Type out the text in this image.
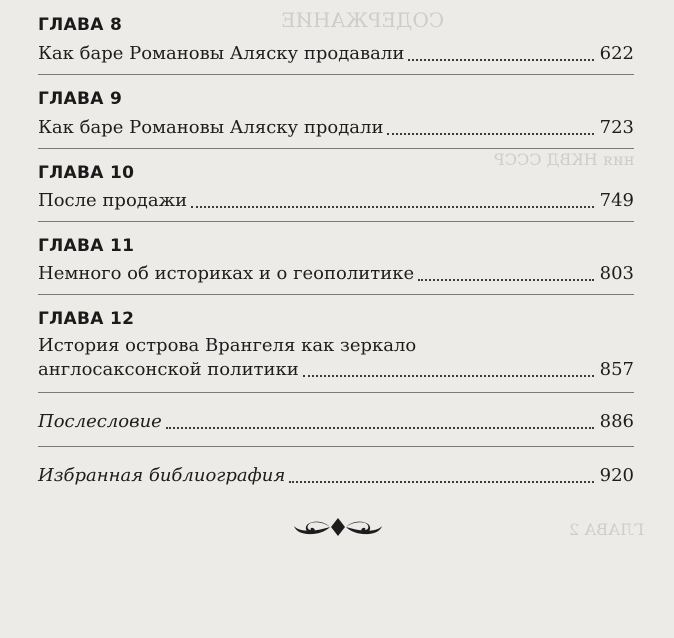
СОДЕРЖАНИЕ
ния НКВД СССР
ГЛАВА 2
ГЛАВА 8
Как баре Романовы Аляску продавали	622
ГЛАВА 9
Как баре Романовы Аляску продали	723
ГЛАВА 10
После продажи	749
ГЛАВА 11
Немного об историках и о геополитике	803
ГЛАВА 12
История острова Врангеля как зеркало
англосаксонской политики	857
Послесловие	886
Избранная библиография	920
